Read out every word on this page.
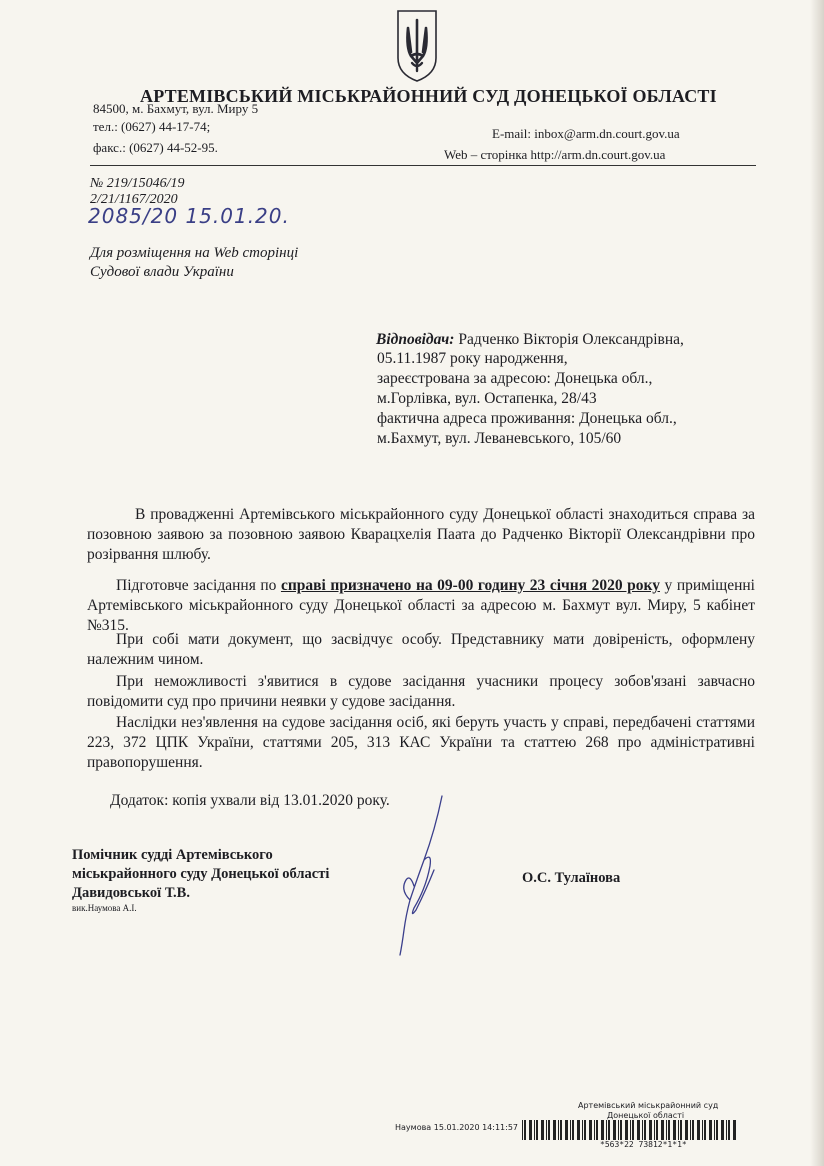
АРТЕМІВСЬКИЙ МІСЬКРАЙОННИЙ СУД ДОНЕЦЬКОЇ ОБЛАСТІ
84500, м. Бахмут, вул. Миру 5
тел.: (0627) 44-17-74;
факс.: (0627) 44-52-95.
E-mail: inbox@arm.dn.court.gov.ua
Web – сторінка http://arm.dn.court.gov.ua
№ 219/15046/19
2/21/1167/2020
2085/20 15.01.20.
Для розміщення на Web сторінці
Судової влади України
Відповідач: Радченко Вікторія Олександрівна,
05.11.1987 року народження,
зареєстрована за адресою: Донецька обл.,
м.Горлівка, вул. Остапенка, 28/43
фактична адреса проживання: Донецька обл.,
м.Бахмут, вул. Леваневського, 105/60
В провадженні Артемівського міськрайонного суду Донецької області знаходиться справа за позовною заявою за позовною заявою Кварацхелія Паата до Радченко Вікторії Олександрівни про розірвання шлюбу.
Підготовче засідання по справі призначено на 09-00 годину 23 січня 2020 року у приміщенні Артемівського міськрайонного суду Донецької області за адресою м. Бахмут вул. Миру, 5 кабінет №315.
При собі мати документ, що засвідчує особу. Представнику мати довіреність, оформлену належним чином.
При неможливості з'явитися в судове засідання учасники процесу зобов'язані завчасно повідомити суд про причини неявки у судове засідання.
Наслідки нез'явлення на судове засідання осіб, які беруть участь у справі, передбачені статтями 223, 372 ЦПК України, статтями 205, 313 КАС України та статтею 268 про адміністративні правопорушення.
Додаток: копія ухвали від 13.01.2020 року.
Помічник судді Артемівського
міськрайонного суду Донецької області
Давидовської Т.В.
вик.Наумова А.І.
О.С. Тулаїнова
Артемівський міськрайонний суд
Донецької області
Наумова 15.01.2020 14:11:57
*563*22 73812*1*1*
